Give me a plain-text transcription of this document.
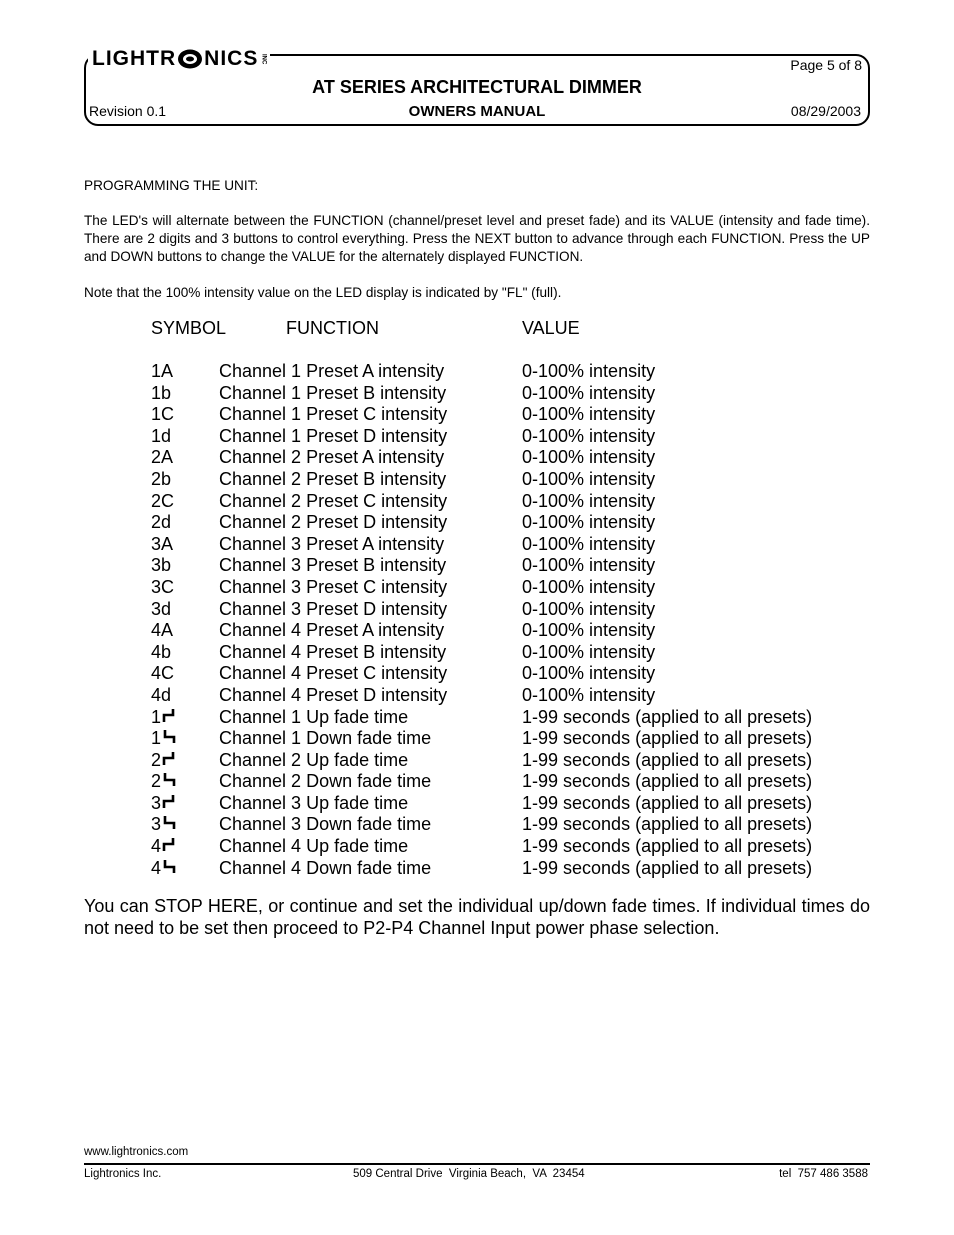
LIGHTR NICS INC	Page 5 of 8
AT SERIES ARCHITECTURAL DIMMER
Revision 0.1	OWNERS MANUAL	08/29/2003
PROGRAMMING THE UNIT:

The LED's will alternate between the FUNCTION (channel/preset level and preset fade) and its VALUE (intensity and fade time). There are 2 digits and 3 buttons to control everything. Press the NEXT button to advance through each FUNCTION. Press the UP and DOWN buttons to change the VALUE for the alternately displayed FUNCTION.

Note that the 100% intensity value on the LED display is indicated by "FL" (full).
SYMBOL	FUNCTION	VALUE
1A	Channel 1 Preset A intensity	0-100% intensity
1b	Channel 1 Preset B intensity	0-100% intensity
1C Channel 1 Preset C intensity	0-100% intensity
1d	Channel 1 Preset D intensity	0-100% intensity
2A	Channel 2 Preset A intensity	0-100% intensity
2b	Channel 2 Preset B intensity	0-100% intensity
2C Channel 2 Preset C intensity	0-100% intensity
2d	Channel 2 Preset D intensity	0-100% intensity
3A	Channel 3 Preset A intensity	0-100% intensity
3b	Channel 3 Preset B intensity	0-100% intensity
3C Channel 3 Preset C intensity	0-100% intensity
3d	Channel 3 Preset D intensity	0-100% intensity
4A	Channel 4 Preset A intensity	0-100% intensity
4b	Channel 4 Preset B intensity	0-100% intensity
4C Channel 4 Preset C intensity	0-100% intensity
4d	Channel 4 Preset D intensity	0-100% intensity
1	Channel 1 Up fade time	1-99 seconds (applied to all presets)
1	Channel 1 Down fade time	1-99 seconds (applied to all presets)
2	Channel 2 Up fade time	1-99 seconds (applied to all presets)
2	Channel 2 Down fade time	1-99 seconds (applied to all presets)
3	Channel 3 Up fade time	1-99 seconds (applied to all presets)
3	Channel 3 Down fade time	1-99 seconds (applied to all presets)
4	Channel 4 Up fade time	1-99 seconds (applied to all presets)
4	Channel 4 Down fade time	1-99 seconds (applied to all presets)
You can STOP HERE, or continue and set the individual up/down fade times. If individual times do not need to be set then proceed to P2-P4 Channel Input power phase selection.
www.lightronics.com
Lightronics Inc.	509 Central Drive  Virginia Beach,  VA  23454	tel  757 486 3588
